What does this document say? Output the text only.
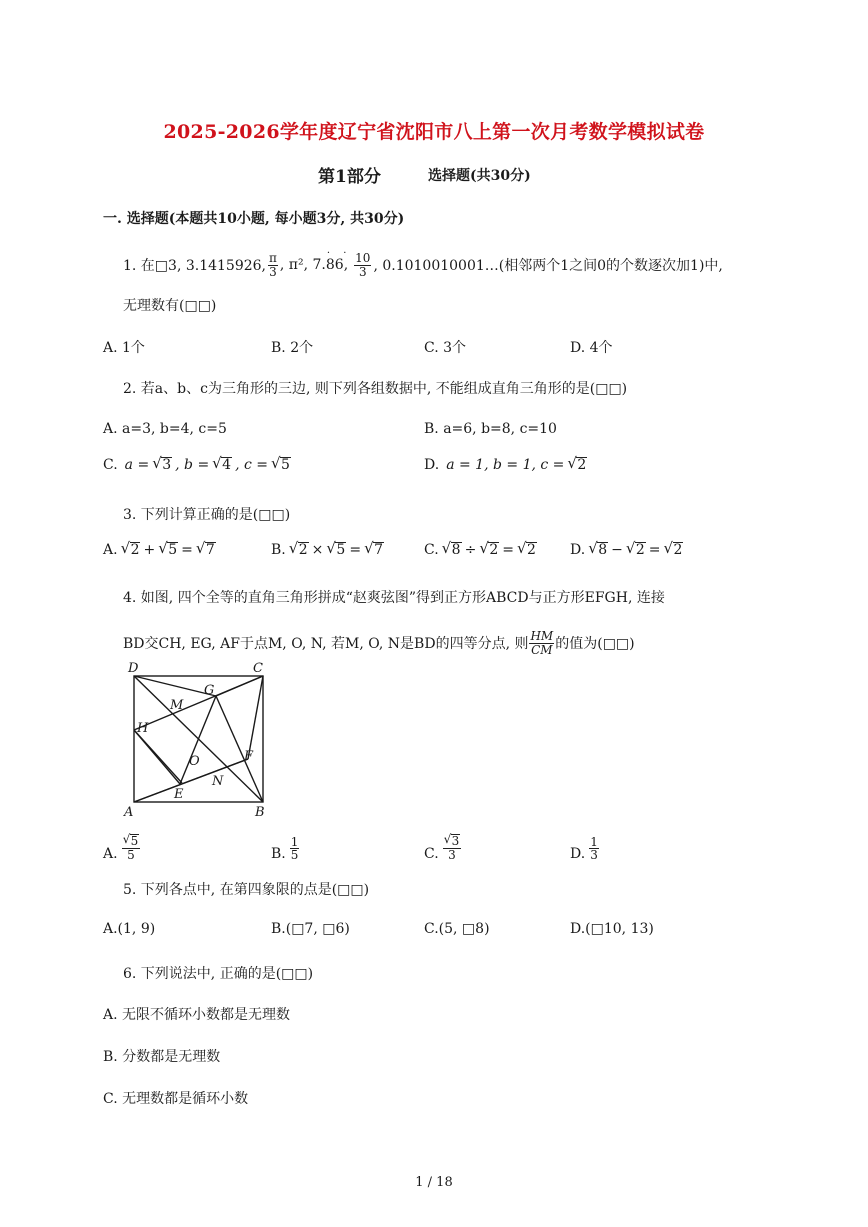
2025-2026学年度辽宁省沈阳市八上第一次月考数学模拟试卷
第1部分	选择题(共30分)
一. 选择题(本题共10小题, 每小题3分, 共30分)
1. 在□3, 3.1415926, $\frac{\pi}{3}$ , π², 7.
· ·
86 , $\frac{10}{3}$ , 0.1010010001…(相邻两个1之间0的个数逐次加1)中,
无理数有(□□)
A. 1个	B. 2个	C. 3个	D. 4个
2. 若a、b、c为三角形的三边, 则下列各组数据中, 不能组成直角三角形的是(□□)
A. a=3, b=4, c=5	B. a=6, b=8, c=10
C. a = √ 3 , b = √ 4 , c = √ 5	D. a = 1, b = 1, c = √ 2
3. 下列计算正确的是(□□)
A. √ 2 + √ 5 = √ 7	B. √ 2 × √ 5 = √ 7	C. √ 8 ÷ √ 2 = √ 2 D. √ 8 − √ 2 = √ 2
4. 如图, 四个全等的直角三角形拼成“赵爽弦图”得到正方形ABCD与正方形EFGH, 连接
BD交CH, EG, AF于点M, O, N, 若M, O, N是BD的四等分点, 则 $\frac{HM}{CM}$ 的值为(□□)
D	C
A	B
G
M
H
O	F
N
E
A. $\frac{√ 5}{5}$	B. $\frac{1}{5}$	C. $\frac{√ 3}{3}$	D. $\frac{1}{3}$
5. 下列各点中, 在第四象限的点是(□□)
A.(1, 9)	B.(□7, □6)	C.(5, □8)	D.(□10, 13)
6. 下列说法中, 正确的是(□□)
A. 无限不循环小数都是无理数
B. 分数都是无理数
C. 无理数都是循环小数
1 / 18
